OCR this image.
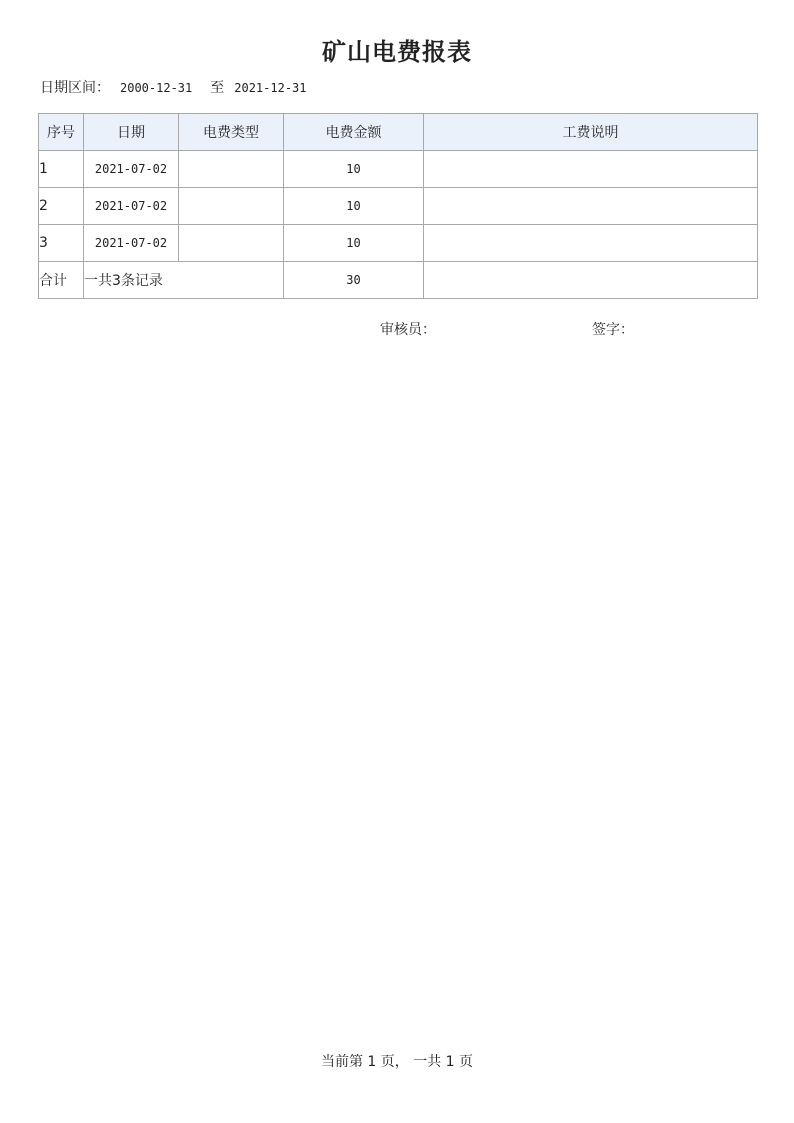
矿山电费报表
日期区间： 2000-12-31 至 2021-12-31
序号	日期	电费类型	电费金额	工费说明
1	2021-07-02		10	
2	2021-07-02		10	
3	2021-07-02		10	
合计	一共3条记录		30	
审核员：	签字：
当前第 1 页， 一共 1 页
